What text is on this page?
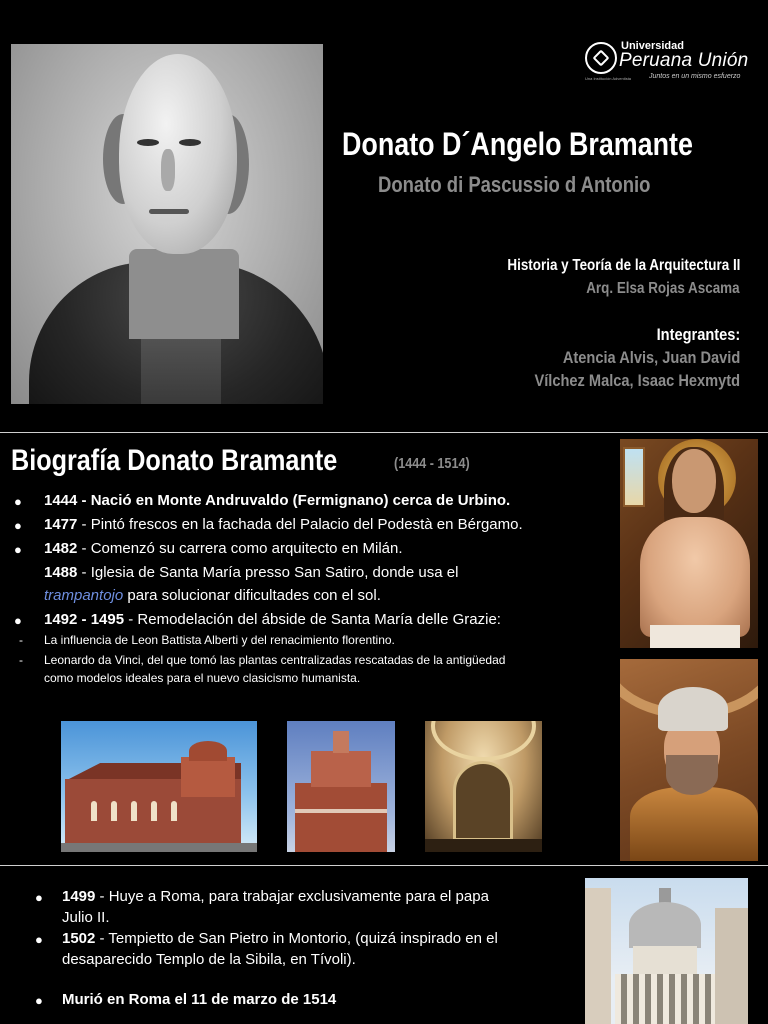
Universidad
Peruana Unión
Juntos en un mismo esfuerzo
Una Institución Adventista
Donato D´Angelo Bramante
Donato di Pascussio d Antonio
Historia y Teoría de la Arquitectura II
Arq. Elsa Rojas Ascama
Integrantes:
Atencia Alvis, Juan David
Vílchez Malca, Isaac Hexmytd
Biografía Donato Bramante	(1444 - 1514)
● 1444 - Nació en Monte Andruvaldo (Fermignano) cerca de Urbino.
● 1477 - Pintó frescos en la fachada del Palacio del Podestà en Bérgamo.
● 1482 - Comenzó su carrera como arquitecto en Milán.
1488 - Iglesia de Santa María presso San Satiro, donde usa el
trampantojo para solucionar dificultades con el sol.
● 1492 - 1495 - Remodelación del ábside de Santa María delle Grazie:
- La influencia de Leon Battista Alberti y del renacimiento florentino.
- Leonardo da Vinci, del que tomó las plantas centralizadas rescatadas de la antigüedad
como modelos ideales para el nuevo clasicismo humanista.
● 1499 - Huye a Roma, para trabajar exclusivamente para el papa
Julio II.
● 1502 - Tempietto de San Pietro in Montorio, (quizá inspirado en el
desaparecido Templo de la Sibila, en Tívoli).
● Murió en Roma el 11 de marzo de 1514
